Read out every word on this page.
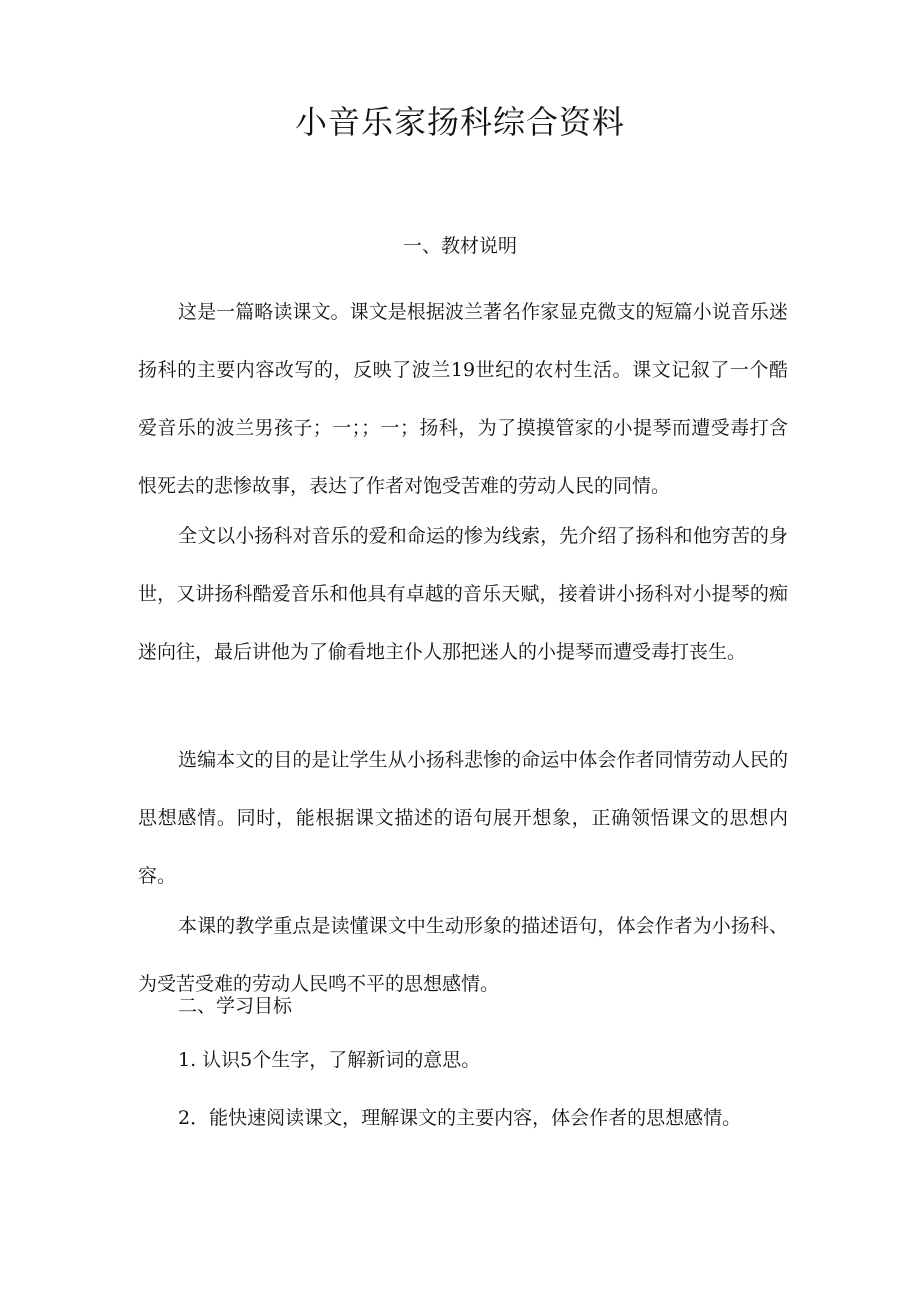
小音乐家扬科综合资料
一、教材说明

这是一篇略读课文。课文是根据波兰著名作家显克微支的短篇小说音乐迷扬科的主要内容改写的，反映了波兰19世纪的农村生活。课文记叙了一个酷爱音乐的波兰男孩子；一；；一；扬科，为了摸摸管家的小提琴而遭受毒打含恨死去的悲惨故事，表达了作者对饱受苦难的劳动人民的同情。

全文以小扬科对音乐的爱和命运的惨为线索，先介绍了扬科和他穷苦的身世，又讲扬科酷爱音乐和他具有卓越的音乐天赋，接着讲小扬科对小提琴的痴迷向往，最后讲他为了偷看地主仆人那把迷人的小提琴而遭受毒打丧生。

选编本文的目的是让学生从小扬科悲惨的命运中体会作者同情劳动人民的思想感情。同时，能根据课文描述的语句展开想象，正确领悟课文的思想内容。

本课的教学重点是读懂课文中生动形象的描述语句，体会作者为小扬科、为受苦受难的劳动人民鸣不平的思想感情。

二、学习目标
1. 认识5个生字，了解新词的意思。
2．能快速阅读课文，理解课文的主要内容，体会作者的思想感情。
